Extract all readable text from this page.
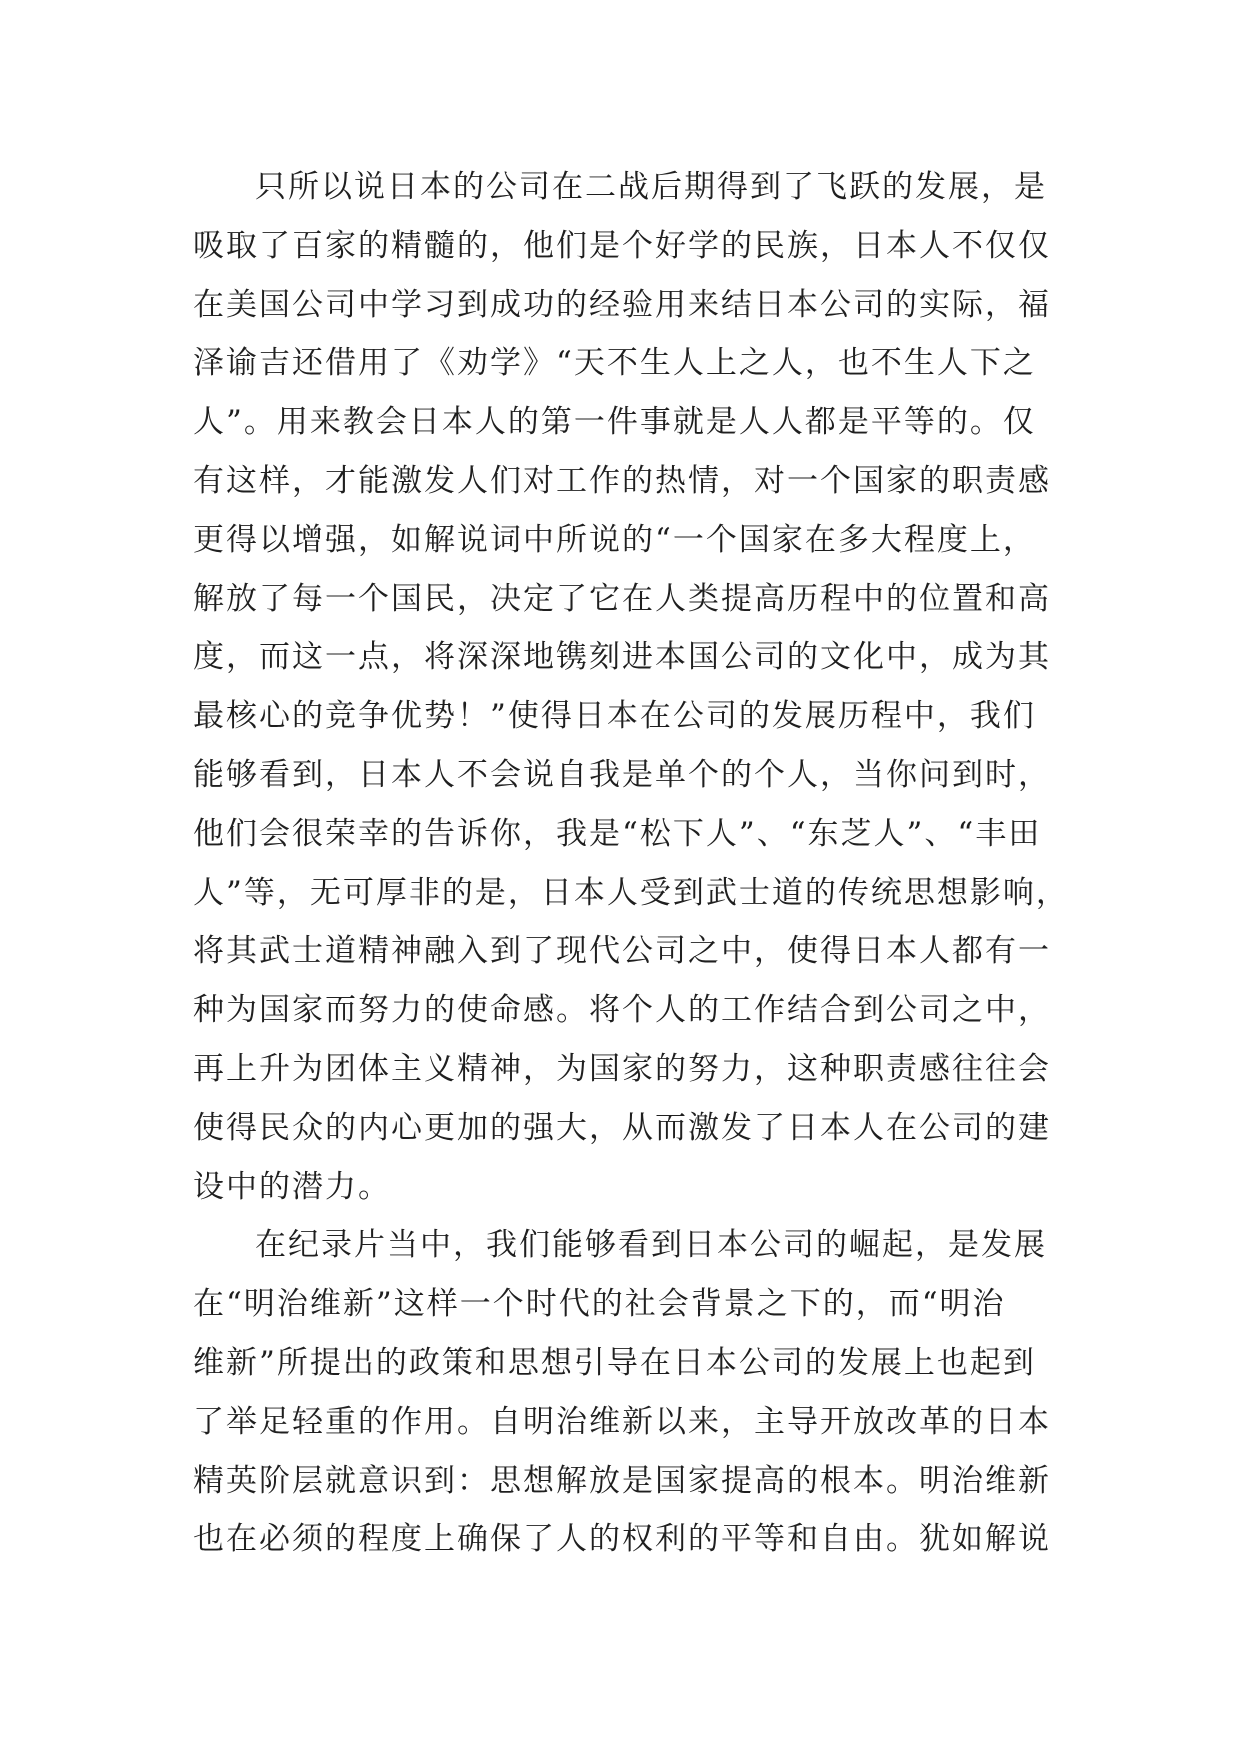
只所以说日本的公司在二战后期得到了飞跃的发展，是
吸取了百家的精髓的，他们是个好学的民族，日本人不仅仅
在美国公司中学习到成功的经验用来结日本公司的实际，福
泽谕吉还借用了《劝学》“天不生人上之人，也不生人下之
人”。用来教会日本人的第一件事就是人人都是平等的。仅
有这样，才能激发人们对工作的热情，对一个国家的职责感
更得以增强，如解说词中所说的“一个国家在多大程度上，
解放了每一个国民，决定了它在人类提高历程中的位置和高
度，而这一点，将深深地镌刻进本国公司的文化中，成为其
最核心的竞争优势！”使得日本在公司的发展历程中，我们
能够看到，日本人不会说自我是单个的个人，当你问到时，
他们会很荣幸的告诉你，我是“松下人”、“东芝人”、“丰田
人”等，无可厚非的是，日本人受到武士道的传统思想影响，
将其武士道精神融入到了现代公司之中，使得日本人都有一
种为国家而努力的使命感。将个人的工作结合到公司之中，
再上升为团体主义精神，为国家的努力，这种职责感往往会
使得民众的内心更加的强大，从而激发了日本人在公司的建
设中的潜力。
在纪录片当中，我们能够看到日本公司的崛起，是发展
在“明治维新”这样一个时代的社会背景之下的，而“明治
维新”所提出的政策和思想引导在日本公司的发展上也起到
了举足轻重的作用。自明治维新以来，主导开放改革的日本
精英阶层就意识到：思想解放是国家提高的根本。明治维新
也在必须的程度上确保了人的权利的平等和自由。犹如解说
